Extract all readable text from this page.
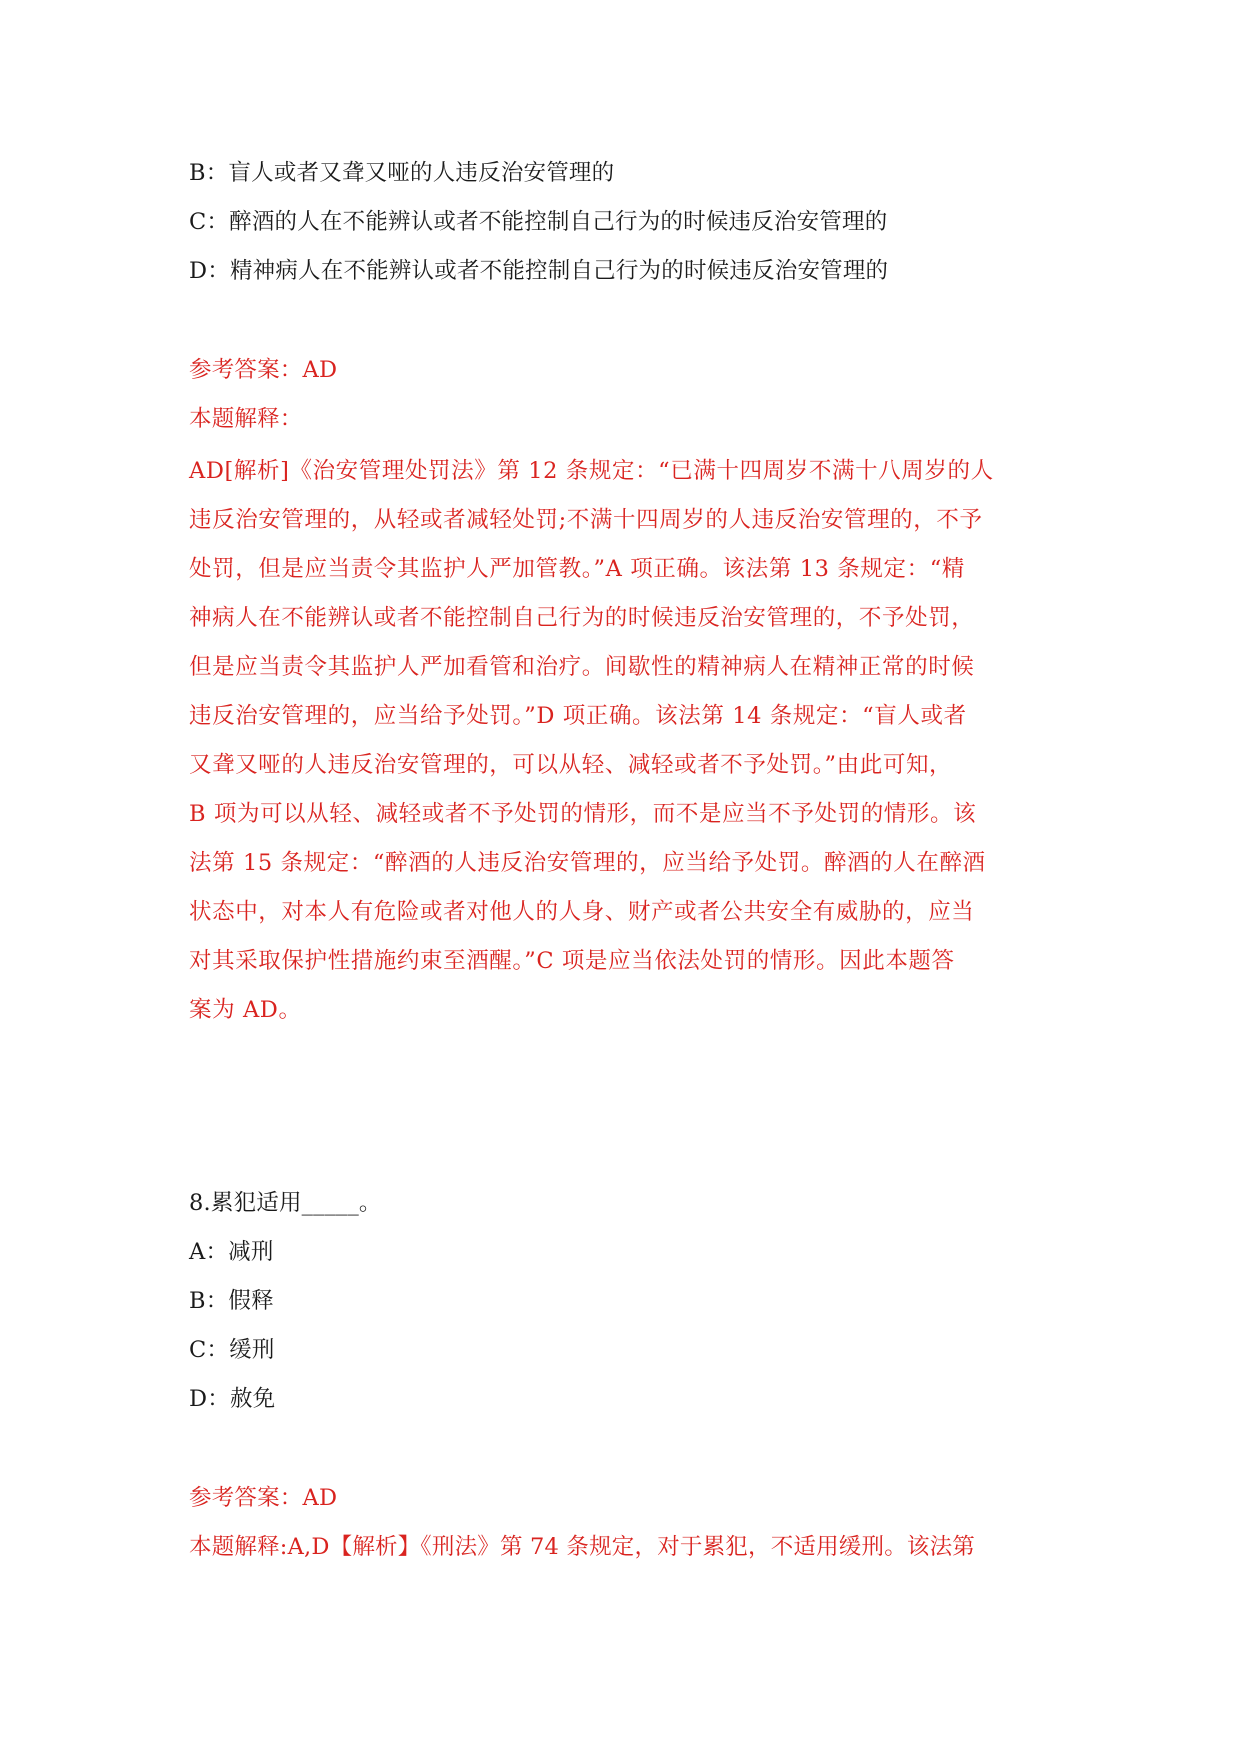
B：盲人或者又聋又哑的人违反治安管理的
C：醉酒的人在不能辨认或者不能控制自己行为的时候违反治安管理的
D：精神病人在不能辨认或者不能控制自己行为的时候违反治安管理的
参考答案：AD
本题解释：
AD[解析]《治安管理处罚法》第 12 条规定：“已满十四周岁不满十八周岁的人
违反治安管理的，从轻或者减轻处罚;不满十四周岁的人违反治安管理的，不予
处罚，但是应当责令其监护人严加管教。”A 项正确。该法第 13 条规定：“精
神病人在不能辨认或者不能控制自己行为的时候违反治安管理的，不予处罚，
但是应当责令其监护人严加看管和治疗。间歇性的精神病人在精神正常的时候
违反治安管理的，应当给予处罚。”D 项正确。该法第 14 条规定：“盲人或者
又聋又哑的人违反治安管理的，可以从轻、减轻或者不予处罚。”由此可知，
B 项为可以从轻、减轻或者不予处罚的情形，而不是应当不予处罚的情形。该
法第 15 条规定：“醉酒的人违反治安管理的，应当给予处罚。醉酒的人在醉酒
状态中，对本人有危险或者对他人的人身、财产或者公共安全有威胁的，应当
对其采取保护性措施约束至酒醒。”C 项是应当依法处罚的情形。因此本题答
案为 AD。
8.累犯适用_____。
A：减刑
B：假释
C：缓刑
D：赦免
参考答案：AD
本题解释:A,D【解析】《刑法》第 74 条规定，对于累犯，不适用缓刑。该法第
